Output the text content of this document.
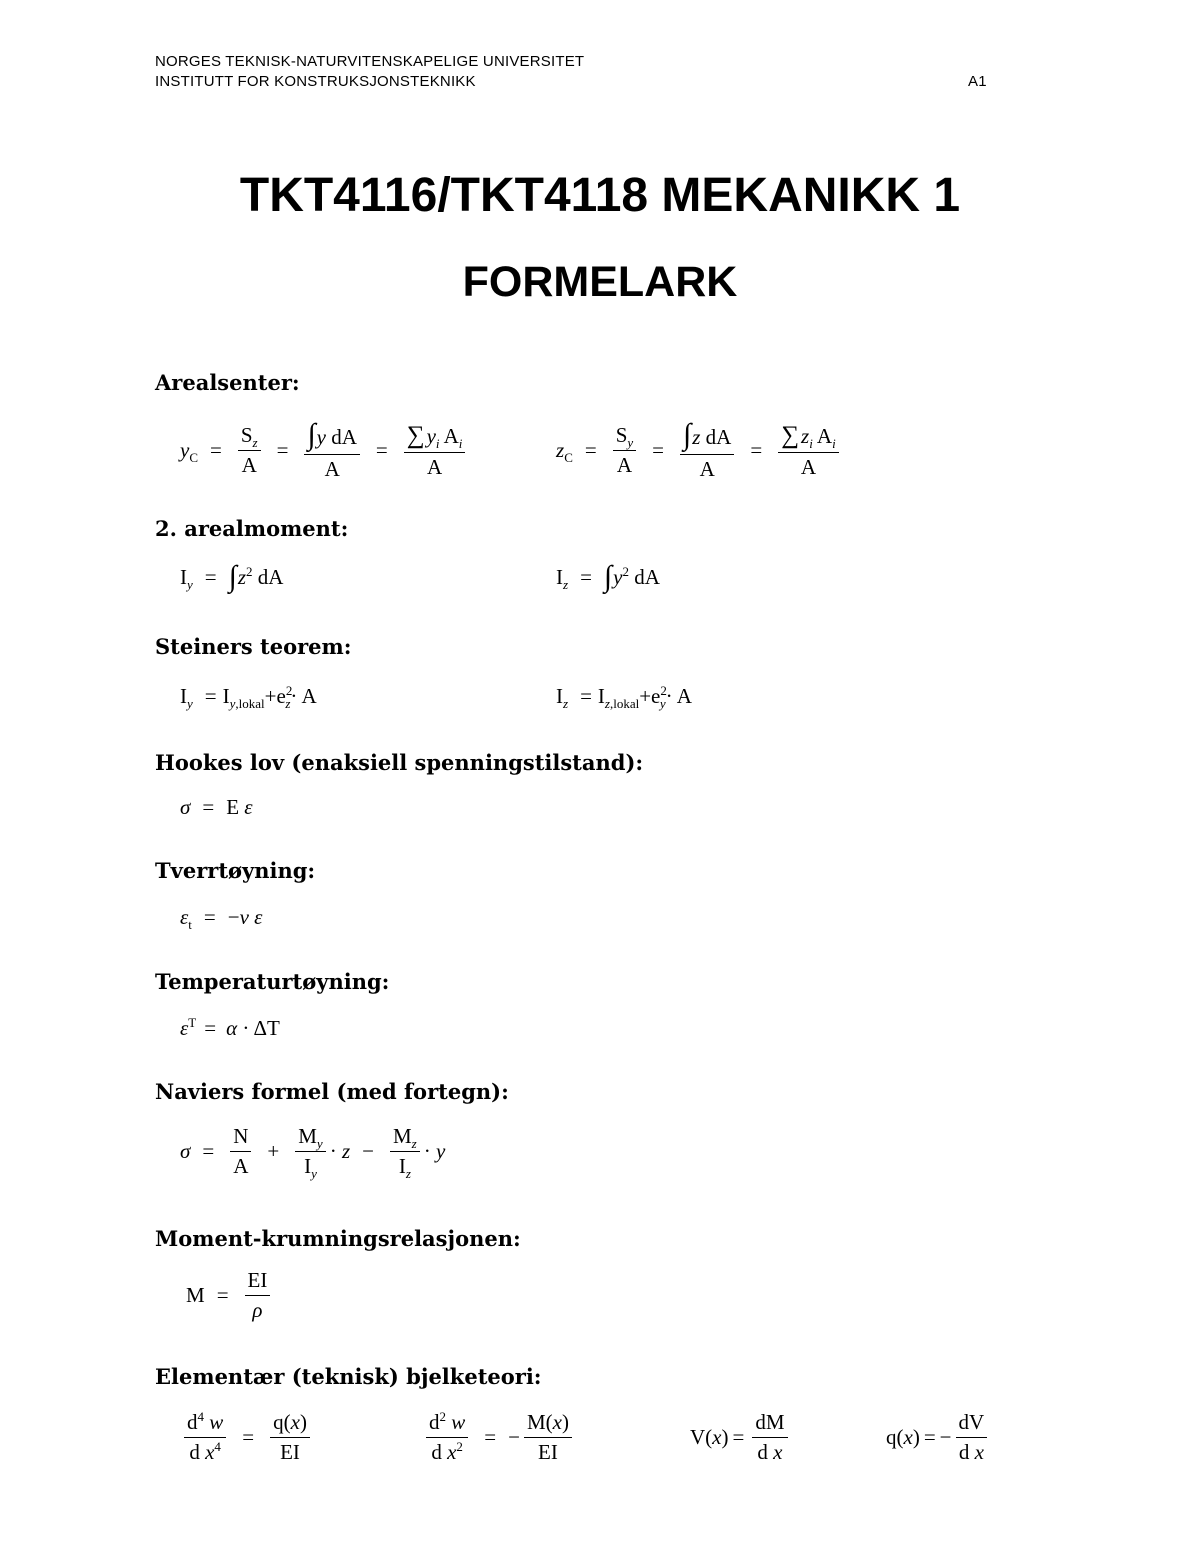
NORGES TEKNISK-NATURVITENSKAPELIGE UNIVERSITET
INSTITUTT FOR KONSTRUKSJONSTEKNIKK	A1
TKT4116/TKT4118 MEKANIKK 1
FORMELARK
Arealsenter:
$y_C = \frac{S_z}{A} = \frac{\text{∫y dA}}{A} = \frac{\sum y_i A_i}{A}$	$z_C = \frac{S_y}{A} = \frac{\text{∫z dA}}{A} = \frac{\sum z_i A_i}{A}$
2. arealmoment:
$I_y$ = ∫ $z^2$ dA	$I_z$ = ∫ $y^2$ dA
Steiners teorem:
$I_y = I_{y,lokal}+e^2_z\cdot A$	$I_z = I_{z,lokal}+e^2_y\cdot A$
Hookes lov (enaksiell spenningstilstand):
σ = E ε
Tverrtøyning:
$\varepsilon_t = -\nu$ ε
Temperaturtøyning:
$\varepsilon^T = \alpha \cdot \Delta T$
Naviers formel (med fortegn):
$\sigma = \frac{N}{A} + \frac{M_y}{I_y} \cdot z - \frac{M_z}{I_z} \cdot y$
Moment-krumningsrelasjonen:
$M = \frac{EI}{\rho}$
Elementær (teknisk) bjelketeori:
$\frac{d^4 w}{d x^4} = \frac{q(x)}{EI}$	$\frac{d^2 w}{d x^2}$ = − $\frac{M(x)}{EI}$	$V(x) = \frac{dM}{\text{d x}}$	q(x) = − $\frac{dV}{\text{d x}}$
